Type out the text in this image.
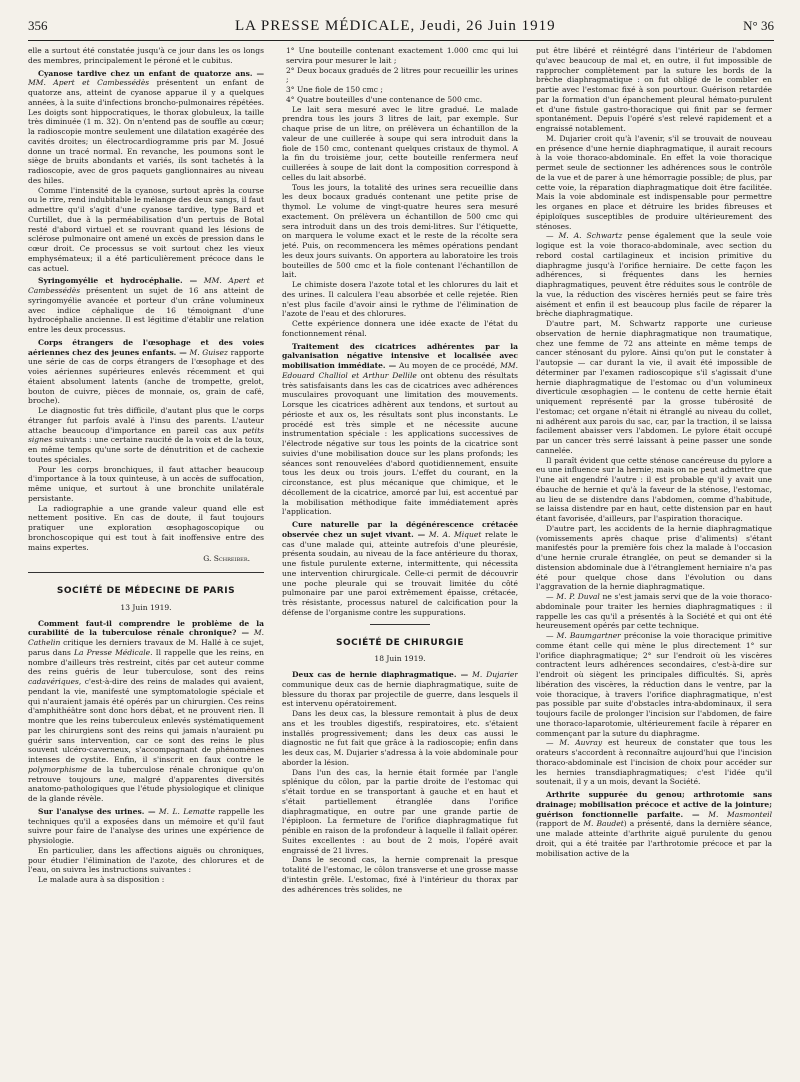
356	LA PRESSE MÉDICALE, Jeudi, 26 Juin 1919	N° 36

elle a surtout été constatée jusqu'à ce jour dans les os longs des membres, principalement le péroné et le cubitus.

Cyanose tardive chez un enfant de quatorze ans. — MM. Apert et Cambessédès présentent un enfant de quatorze ans, atteint de cyanose apparue il y a quelques années, à la suite d'infections broncho-pulmonaires répétées. Les doigts sont hippocratiques, le thorax globuleux, la taille très diminuée (1 m. 32). On n'entend pas de souffle au cœur; la radioscopie montre seulement une dilatation exagérée des cavités droites; un électrocardiogramme pris par M. Josué donne un tracé normal. En revanche, les poumons sont le siège de bruits abondants et variés, ils sont tachetés à la radioscopie, avec de gros paquets ganglionnaires au niveau des hiles.

Comme l'intensité de la cyanose, surtout après la course ou le rire, rend indubitable le mélange des deux sangs, il faut admettre qu'il s'agit d'une cyanose tardive, type Bard et Curtillet, due à la perméabilisation d'un pertuis de Botal resté d'abord virtuel et se rouvrant quand les lésions de sclérose pulmonaire ont amené un excès de pression dans le cœur droit. Ce processus se voit surtout chez les vieux emphysémateux; il a été particulièrement précoce dans le cas actuel.

Syringomyélie et hydrocéphalie. — MM. Apert et Cambessédès présentent un sujet de 16 ans atteint de syringomyélie avancée et porteur d'un crâne volumineux avec indice céphalique de 16 témoignant d'une hydrocéphalie ancienne. Il est légitime d'établir une relation entre les deux processus.

Corps étrangers de l'œsophage et des voies aériennes chez des jeunes enfants. — M. Guisez rapporte une série de cas de corps étrangers de l'œsophage et des voies aériennes supérieures enlevés récemment et qui étaient absolument latents (anche de trompette, grelot, bouton de cuivre, pièces de monnaie, os, grain de café, broche).

Le diagnostic fut très difficile, d'autant plus que le corps étranger fut parfois avalé à l'insu des parents. L'auteur attache beaucoup d'importance en pareil cas aux petits signes suivants : une certaine raucité de la voix et de la toux, en même temps qu'une sorte de dénutrition et de cachexie toutes spéciales.

Pour les corps bronchiques, il faut attacher beaucoup d'importance à la toux quinteuse, à un accès de suffocation, même unique, et surtout à une bronchite unilatérale persistante.

La radiographie a une grande valeur quand elle est nettement positive. En cas de doute, il faut toujours pratiquer une exploration œsophagoscopique ou bronchoscopique qui est tout à fait inoffensive entre des mains expertes.

G. Schreiber.
SOCIÉTÉ DE MÉDECINE DE PARIS
13 Juin 1919.

Comment faut-il comprendre le problème de la curabilité de la tuberculose rénale chronique? — M. Cathelin critique les derniers travaux de M. Hallé à ce sujet, parus dans La Presse Médicale. Il rappelle que les reins, en nombre d'ailleurs très restreint, cités par cet auteur comme des reins guéris de leur tuberculose, sont des reins cadavériques, c'est-à-dire des reins de malades qui avaient, pendant la vie, manifesté une symptomatologie spéciale et qui n'auraient jamais été opérés par un chirurgien. Ces reins d'amphithéâtre sont donc hors débat, et ne prouvent rien. Il montre que les reins tuberculeux enlevés systématiquement par les chirurgiens sont des reins qui jamais n'auraient pu guérir sans intervention, car ce sont des reins le plus souvent ulcéro-caverneux, s'accompagnant de phénomènes intenses de cystite. Enfin, il s'inscrit en faux contre le polymorphisme de la tuberculose rénale chronique qu'on retrouve toujours une, malgré d'apparentes diversités anatomo-pathologiques que l'étude physiologique et clinique de la glande révèle.

Sur l'analyse des urines. — M. L. Lematte rappelle les techniques qu'il a exposées dans un mémoire et qu'il faut suivre pour faire de l'analyse des urines une expérience de physiologie.

En particulier, dans les affections aiguës ou chroniques, pour étudier l'élimination de l'azote, des chlorures et de l'eau, on suivra les instructions suivantes :

Le malade aura à sa disposition :

1° Une bouteille contenant exactement 1.000 cmc qui lui servira pour mesurer le lait ;

2° Deux bocaux gradués de 2 litres pour recueillir les urines ;

3° Une fiole de 150 cmc ;

4° Quatre bouteilles d'une contenance de 500 cmc.

Le lait sera mesuré avec le litre gradué. Le malade prendra tous les jours 3 litres de lait, par exemple. Sur chaque prise de un litre, on prélèvera un échantillon de la valeur de une cuillerée à soupe qui sera introduit dans la fiole de 150 cmc, contenant quelques cristaux de thymol. A la fin du troisième jour, cette bouteille renfermera neuf cuillerées à soupe de lait dont la composition correspond à celles du lait absorbé.

Tous les jours, la totalité des urines sera recueillie dans les deux bocaux gradués contenant une petite prise de thymol. Le volume de vingt-quatre heures sera mesuré exactement. On prélèvera un échantillon de 500 cmc qui sera introduit dans un des trois demi-litres. Sur l'étiquette, on marquera le volume exact et le reste de la récolte sera jeté. Puis, on recommencera les mêmes opérations pendant les deux jours suivants. On apportera au laboratoire les trois bouteilles de 500 cmc et la fiole contenant l'échantillon de lait.

Le chimiste dosera l'azote total et les chlorures du lait et des urines. Il calculera l'eau absorbée et celle rejetée. Rien n'est plus facile d'avoir ainsi le rythme de l'élimination de l'azote de l'eau et des chlorures.

Cette expérience donnera une idée exacte de l'état du fonctionnement rénal.

Traitement des cicatrices adhérentes par la galvanisation négative intensive et localisée avec mobilisation immédiate. — Au moyen de ce procédé, MM. Edouard Challiol et Arthur Dellile ont obtenu des résultats très satisfaisants dans les cas de cicatrices avec adhérences musculaires provoquant une limitation des mouvements. Lorsque les cicatrices adhèrent aux tendons, et surtout au périoste et aux os, les résultats sont plus inconstants. Le procédé est très simple et ne nécessite aucune instrumentation spéciale : les applications successives de l'électrode négative sur tous les points de la cicatrice sont suivies d'une mobilisation douce sur les plans profonds; les séances sont renouvelées d'abord quotidiennement, ensuite tous les deux ou trois jours. L'effet du courant, en la circonstance, est plus mécanique que chimique, et le décollement de la cicatrice, amorcé par lui, est accentué par la mobilisation méthodique faite immédiatement après l'application.

Cure naturelle par la dégénérescence crétacée observée chez un sujet vivant. — M. A. Miquet relate le cas d'une malade qui, atteinte autrefois d'une pleurésie, présenta soudain, au niveau de la face antérieure du thorax, une fistule purulente externe, intermittente, qui nécessita une intervention chirurgicale. Celle-ci permit de découvrir une poche pleurale qui se trouvait limitée du côté pulmonaire par une paroi extrêmement épaisse, crétacée, très résistante, processus naturel de calcification pour la défense de l'organisme contre les suppurations.

SOCIÉTÉ DE CHIRURGIE
18 Juin 1919.

Deux cas de hernie diaphragmatique. — M. Dujarier communique deux cas de hernie diaphragmatique, suite de blessure du thorax par projectile de guerre, dans lesquels il est intervenu opératoirement.

Dans les deux cas, la blessure remontait à plus de deux ans et les troubles digestifs, respiratoires, etc. s'étaient installés progressivement; dans les deux cas aussi le diagnostic ne fut fait que grâce à la radioscopie; enfin dans les deux cas, M. Dujarier s'adressa à la voie abdominale pour aborder la lésion.

Dans l'un des cas, la hernie était formée par l'angle splénique du côlon, par la partie droite de l'estomac qui s'était tordue en se transportant à gauche et en haut et s'était partiellement étranglée dans l'orifice diaphragmatique, en outre par une grande partie de l'épiploon. La fermeture de l'orifice diaphragmatique fut pénible en raison de la profondeur à laquelle il fallait opérer. Suites excellentes : au bout de 2 mois, l'opéré avait engraissé de 21 livres.

Dans le second cas, la hernie comprenait la presque totalité de l'estomac, le côlon transverse et une grosse masse d'intestin grêle. L'estomac, fixé à l'intérieur du thorax par des adhérences très solides, ne

put être libéré et réintégré dans l'intérieur de l'abdomen qu'avec beaucoup de mal et, en outre, il fut impossible de rapprocher complètement par la suture les bords de la brèche diaphragmatique : on fut obligé de le combler en partie avec l'estomac fixé à son pourtour. Guérison retardée par la formation d'un épanchement pleural hémato-purulent et d'une fistule gastro-thoracique qui finit par se fermer spontanément. Depuis l'opéré s'est relevé rapidement et a engraissé notablement.

M. Dujarier croit qu'à l'avenir, s'il se trouvait de nouveau en présence d'une hernie diaphragmatique, il aurait recours à la voie thoraco-abdominale. En effet la voie thoracique permet seule de sectionner les adhérences sous le contrôle de la vue et de parer à une hémorragie possible; de plus, par cette voie, la réparation diaphragmatique doit être facilitée. Mais la voie abdominale est indispensable pour permettre les organes en place et détruire les brides fibreuses et épiploïques susceptibles de produire ultérieurement des sténoses.

— M. A. Schwartz pense également que la seule voie logique est la voie thoraco-abdominale, avec section du rebord costal cartilagineux et incision primitive du diaphragme jusqu'à l'orifice herniaire. De cette façon les adhérences, si fréquentes dans les hernies diaphragmatiques, peuvent être réduites sous le contrôle de la vue, la réduction des viscères herniés peut se faire très aisément et enfin il est beaucoup plus facile de réparer la brèche diaphragmatique.

D'autre part, M. Schwartz rapporte une curieuse observation de hernie diaphragmatique non traumatique, chez une femme de 72 ans atteinte en même temps de cancer sténosant du pylore. Ainsi qu'on put le constater à l'autopsie — car durant la vie, il avait été impossible de déterminer par l'examen radioscopique s'il s'agissait d'une hernie diaphragmatique de l'estomac ou d'un volumineux diverticule œsophagien — le contenu de cette hernie était uniquement représenté par la grosse tubérosité de l'estomac; cet organe n'était ni étranglé au niveau du collet, ni adhérent aux parois du sac, car, par la traction, il se laissa facilement abaisser vers l'abdomen. Le pylore était occupé par un cancer très serré laissant à peine passer une sonde cannelée.

Il paraît évident que cette sténose cancéreuse du pylore a eu une influence sur la hernie; mais on ne peut admettre que l'une ait engendré l'autre : il est probable qu'il y avait une ébauche de hernie et qu'à la faveur de la sténose, l'estomac, au lieu de se distendre dans l'abdomen, comme d'habitude, se laissa distendre par en haut, cette distension par en haut étant favorisée, d'ailleurs, par l'aspiration thoracique.

D'autre part, les accidents de la hernie diaphragmatique (vomissements après chaque prise d'aliments) s'étant manifestés pour la première fois chez la malade à l'occasion d'une hernie crurale étranglée, on peut se demander si la distension abdominale due à l'étranglement herniaire n'a pas été pour quelque chose dans l'évolution ou dans l'aggravation de la hernie diaphragmatique.

— M. P. Duval ne s'est jamais servi que de la voie thoraco-abdominale pour traiter les hernies diaphragmatiques : il rappelle les cas qu'il a présentés à la Société et qui ont été heureusement opérés par cette technique.

— M. Baumgartner préconise la voie thoracique primitive comme étant celle qui mène le plus directement 1° sur l'orifice diaphragmatique; 2° sur l'endroit où les viscères contractent leurs adhérences secondaires, c'est-à-dire sur l'endroit où siègent les principales difficultés. Si, après libération des viscères, la réduction dans le ventre, par la voie thoracique, à travers l'orifice diaphragmatique, n'est pas possible par suite d'obstacles intra-abdominaux, il sera toujours facile de prolonger l'incision sur l'abdomen, de faire une thoraco-laparotomie, ultérieurement facile à réparer en commençant par la suture du diaphragme.

— M. Auvray est heureux de constater que tous les orateurs s'accordent à reconnaître aujourd'hui que l'incision thoraco-abdominale est l'incision de choix pour accéder sur les hernies transdiaphragmatiques; c'est l'idée qu'il soutenait, il y a un mois, devant la Société.

Arthrite suppurée du genou; arthrotomie sans drainage; mobilisation précoce et active de la jointure; guérison fonctionnelle parfaite. — M. Masmonteil (rapport de M. Baudet) a présenté, dans la dernière séance, une malade atteinte d'arthrite aiguë purulente du genou droit, qui a été traitée par l'arthrotomie précoce et par la mobilisation active de la
